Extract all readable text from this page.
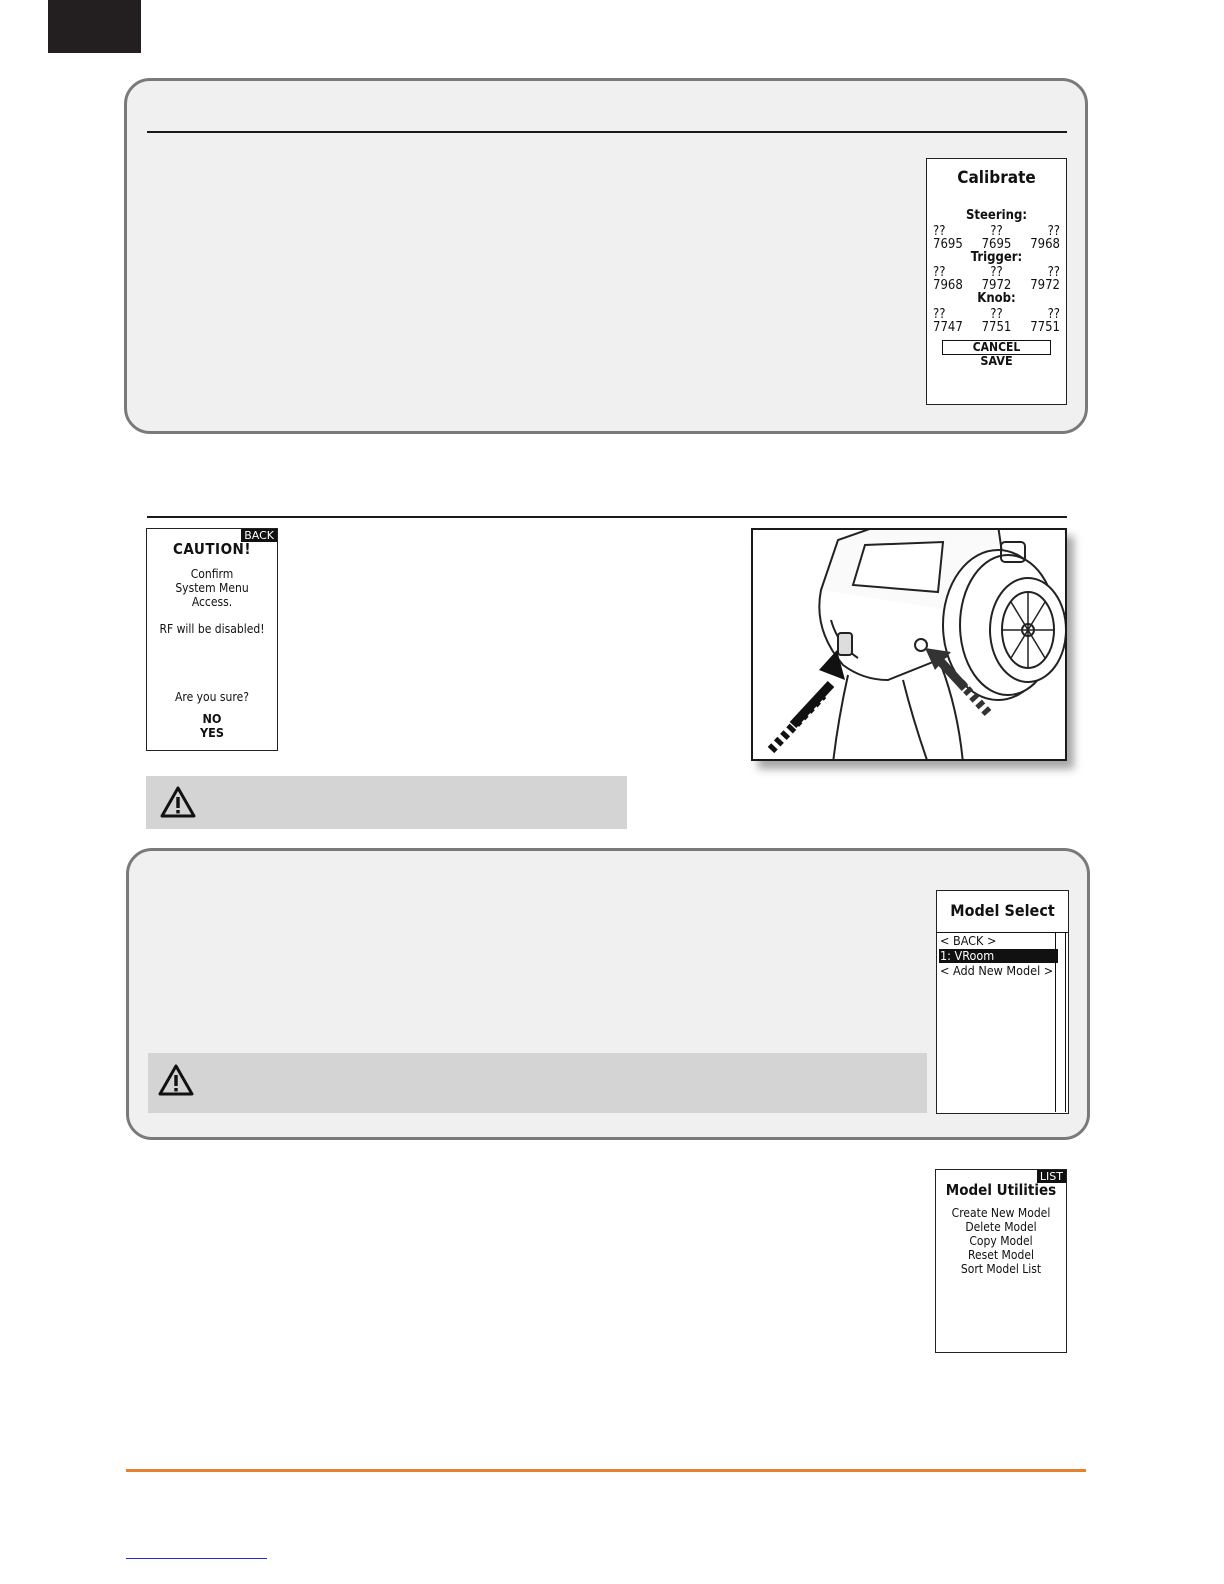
Calibrate
Steering:
??	??	??
7695	7695	7968
Trigger:
??	??	??
7968	7972	7972
Knob:
??	??	??
7747	7751	7751
CANCEL
SAVE
BACK
CAUTION!
Confirm
System Menu
Access.
RF will be disabled!
Are you sure?
NO
YES
Model Select
< BACK >
1: VRoom
< Add New Model >
LIST
Model Utilities
Create New Model
Delete Model
Copy Model
Reset Model
Sort Model List
